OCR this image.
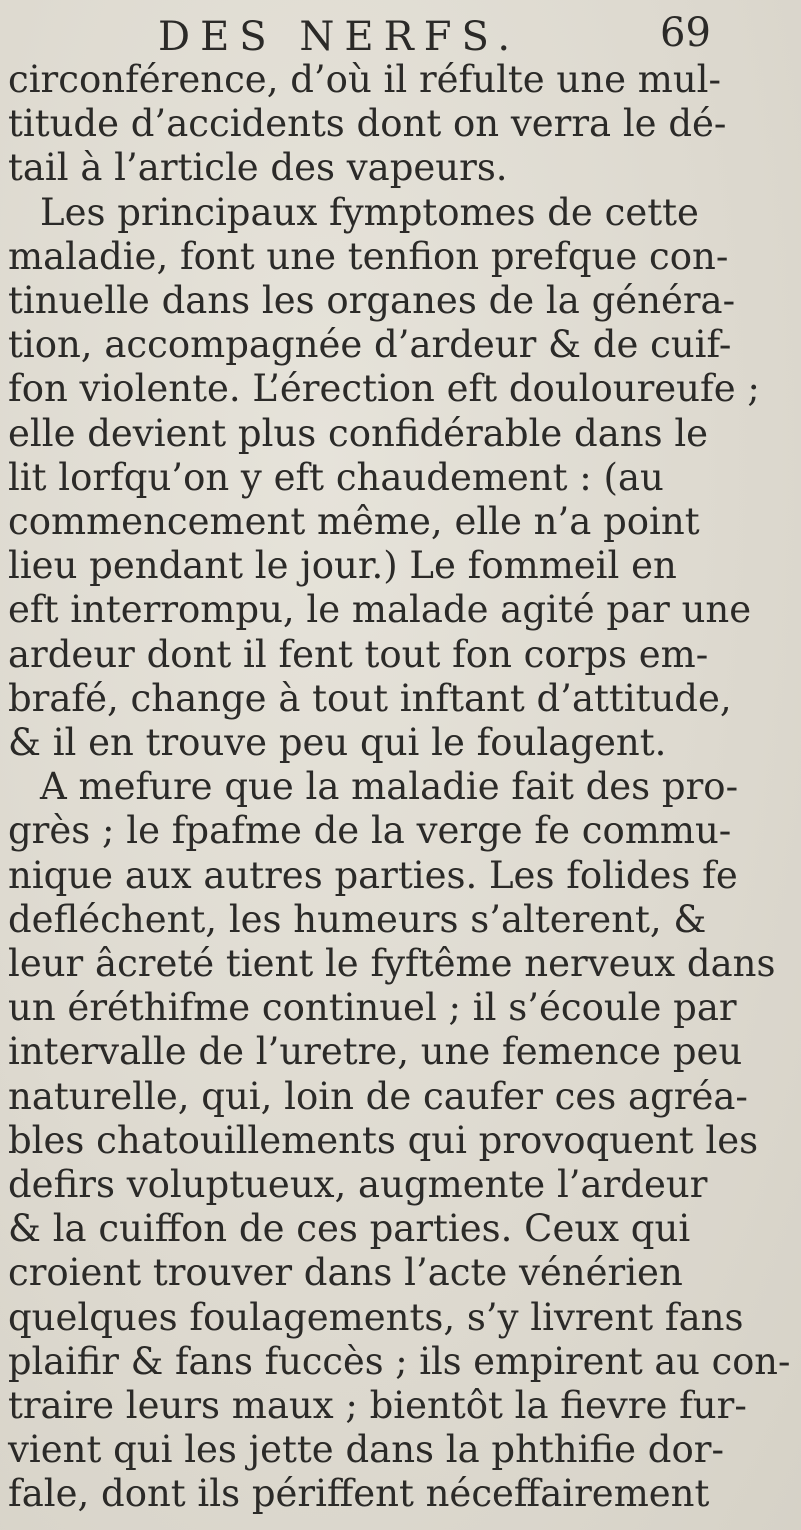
DES NERFS.	69
circonférence, d’où il réfulte une mul-
titude d’accidents dont on verra le dé-
tail à l’article des vapeurs.
Les principaux fymptomes de cette
maladie, font une tenfion prefque con-
tinuelle dans les organes de la généra-
tion, accompagnée d’ardeur & de cuif-
fon violente. L’érection eft douloureufe ;
elle devient plus confidérable dans le
lit lorfqu’on y eft chaudement : (au
commencement même, elle n’a point
lieu pendant le jour.) Le fommeil en
eft interrompu, le malade agité par une
ardeur dont il fent tout fon corps em-
brafé, change à tout inftant d’attitude,
& il en trouve peu qui le foulagent.
A mefure que la maladie fait des pro-
grès ; le fpafme de la verge fe commu-
nique aux autres parties. Les folides fe
defléchent, les humeurs s’alterent, &
leur âcreté tient le fyftême nerveux dans
un éréthifme continuel ; il s’écoule par
intervalle de l’uretre, une femence peu
naturelle, qui, loin de caufer ces agréa-
bles chatouillements qui provoquent les
defirs voluptueux, augmente l’ardeur
& la cuiffon de ces parties. Ceux qui
croient trouver dans l’acte vénérien
quelques foulagements, s’y livrent fans
plaifir & fans fuccès ; ils empirent au con-
traire leurs maux ; bientôt la fievre fur-
vient qui les jette dans la phthifie dor-
fale, dont ils périffent néceffairement
